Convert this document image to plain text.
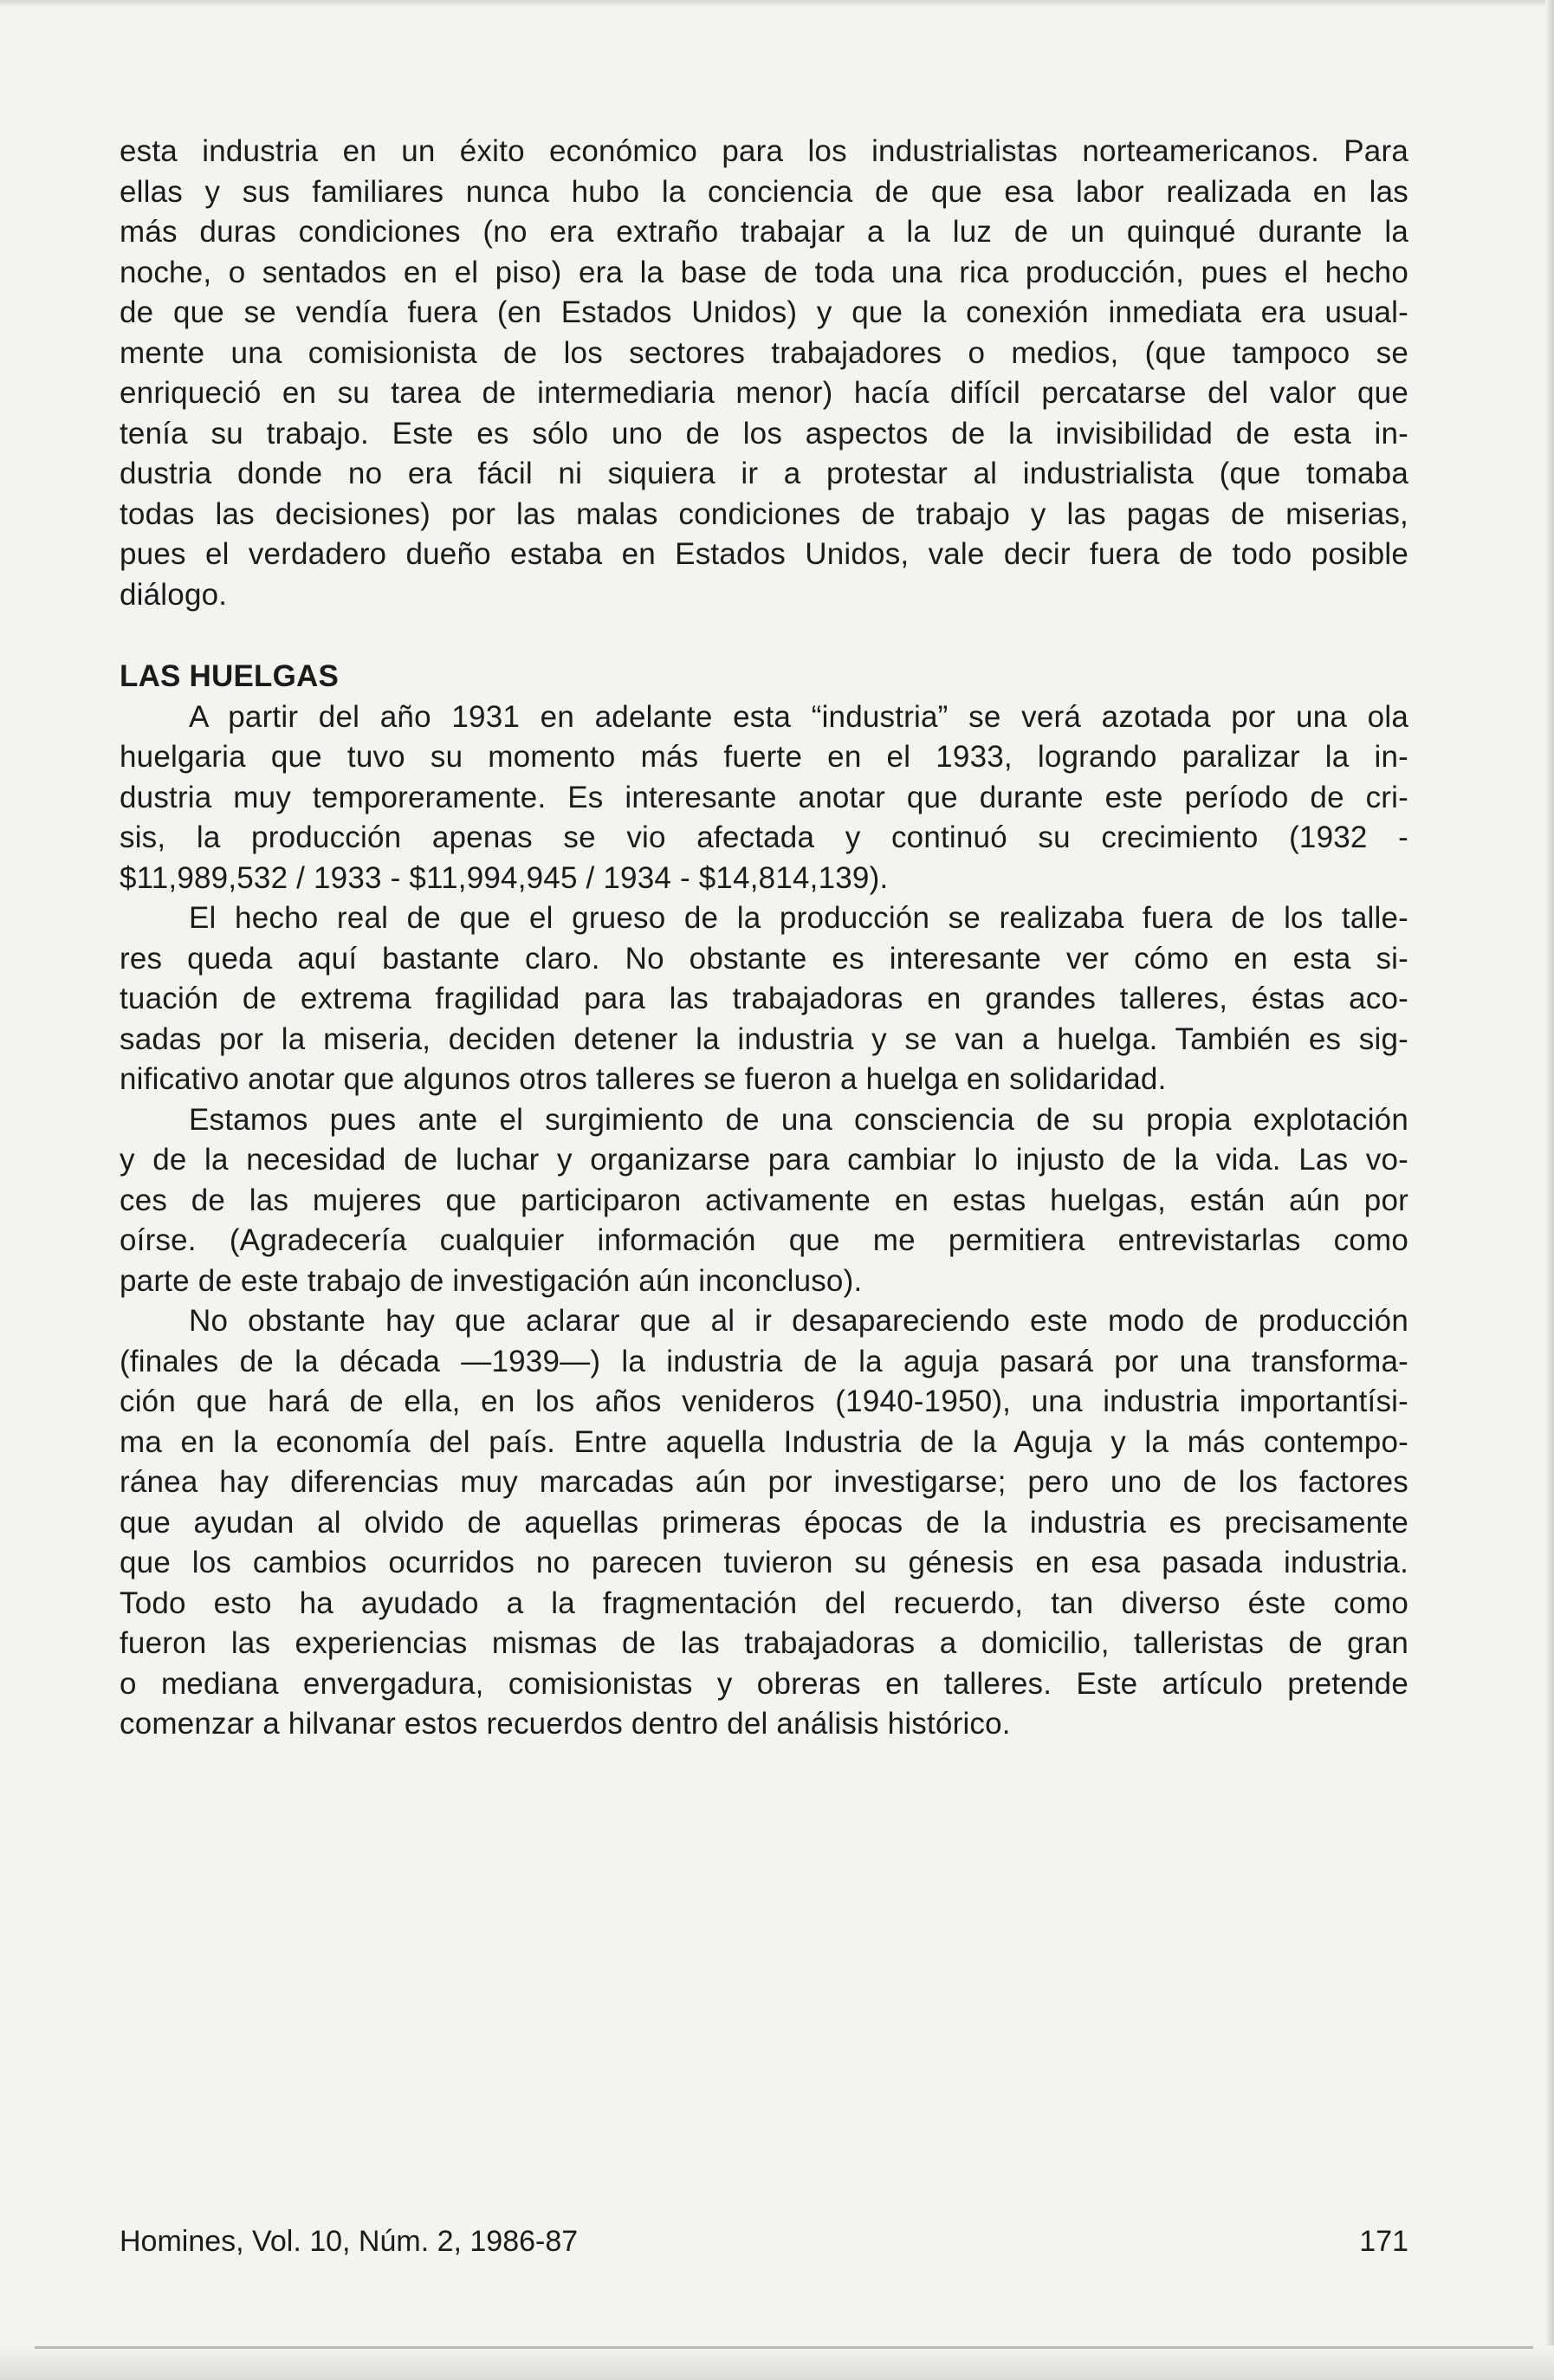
esta industria en un éxito económico para los industrialistas norteamericanos. Para
ellas y sus familiares nunca hubo la conciencia de que esa labor realizada en las
más duras condiciones (no era extraño trabajar a la luz de un quinqué durante la
noche, o sentados en el piso) era la base de toda una rica producción, pues el hecho
de que se vendía fuera (en Estados Unidos) y que la conexión inmediata era usual-
mente una comisionista de los sectores trabajadores o medios, (que tampoco se
enriqueció en su tarea de intermediaria menor) hacía difícil percatarse del valor que
tenía su trabajo. Este es sólo uno de los aspectos de la invisibilidad de esta in-
dustria donde no era fácil ni siquiera ir a protestar al industrialista (que tomaba
todas las decisiones) por las malas condiciones de trabajo y las pagas de miserias,
pues el verdadero dueño estaba en Estados Unidos, vale decir fuera de todo posible
diálogo.
LAS HUELGAS
A partir del año 1931 en adelante esta “industria” se verá azotada por una ola
huelgaria que tuvo su momento más fuerte en el 1933, logrando paralizar la in-
dustria muy temporeramente. Es interesante anotar que durante este período de cri-
sis, la producción apenas se vio afectada y continuó su crecimiento (1932 -
$11,989,532 / 1933 - $11,994,945 / 1934 - $14,814,139).
El hecho real de que el grueso de la producción se realizaba fuera de los talle-
res queda aquí bastante claro. No obstante es interesante ver cómo en esta si-
tuación de extrema fragilidad para las trabajadoras en grandes talleres, éstas aco-
sadas por la miseria, deciden detener la industria y se van a huelga. También es sig-
nificativo anotar que algunos otros talleres se fueron a huelga en solidaridad.
Estamos pues ante el surgimiento de una consciencia de su propia explotación
y de la necesidad de luchar y organizarse para cambiar lo injusto de la vida. Las vo-
ces de las mujeres que participaron activamente en estas huelgas, están aún por
oírse. (Agradecería cualquier información que me permitiera entrevistarlas como
parte de este trabajo de investigación aún inconcluso).
No obstante hay que aclarar que al ir desapareciendo este modo de producción
(finales de la década —1939—) la industria de la aguja pasará por una transforma-
ción que hará de ella, en los años venideros (1940-1950), una industria importantísi-
ma en la economía del país. Entre aquella Industria de la Aguja y la más contempo-
ránea hay diferencias muy marcadas aún por investigarse; pero uno de los factores
que ayudan al olvido de aquellas primeras épocas de la industria es precisamente
que los cambios ocurridos no parecen tuvieron su génesis en esa pasada industria.
Todo esto ha ayudado a la fragmentación del recuerdo, tan diverso éste como
fueron las experiencias mismas de las trabajadoras a domicilio, talleristas de gran
o mediana envergadura, comisionistas y obreras en talleres. Este artículo pretende
comenzar a hilvanar estos recuerdos dentro del análisis histórico.
Homines, Vol. 10, Núm. 2, 1986-87	171
